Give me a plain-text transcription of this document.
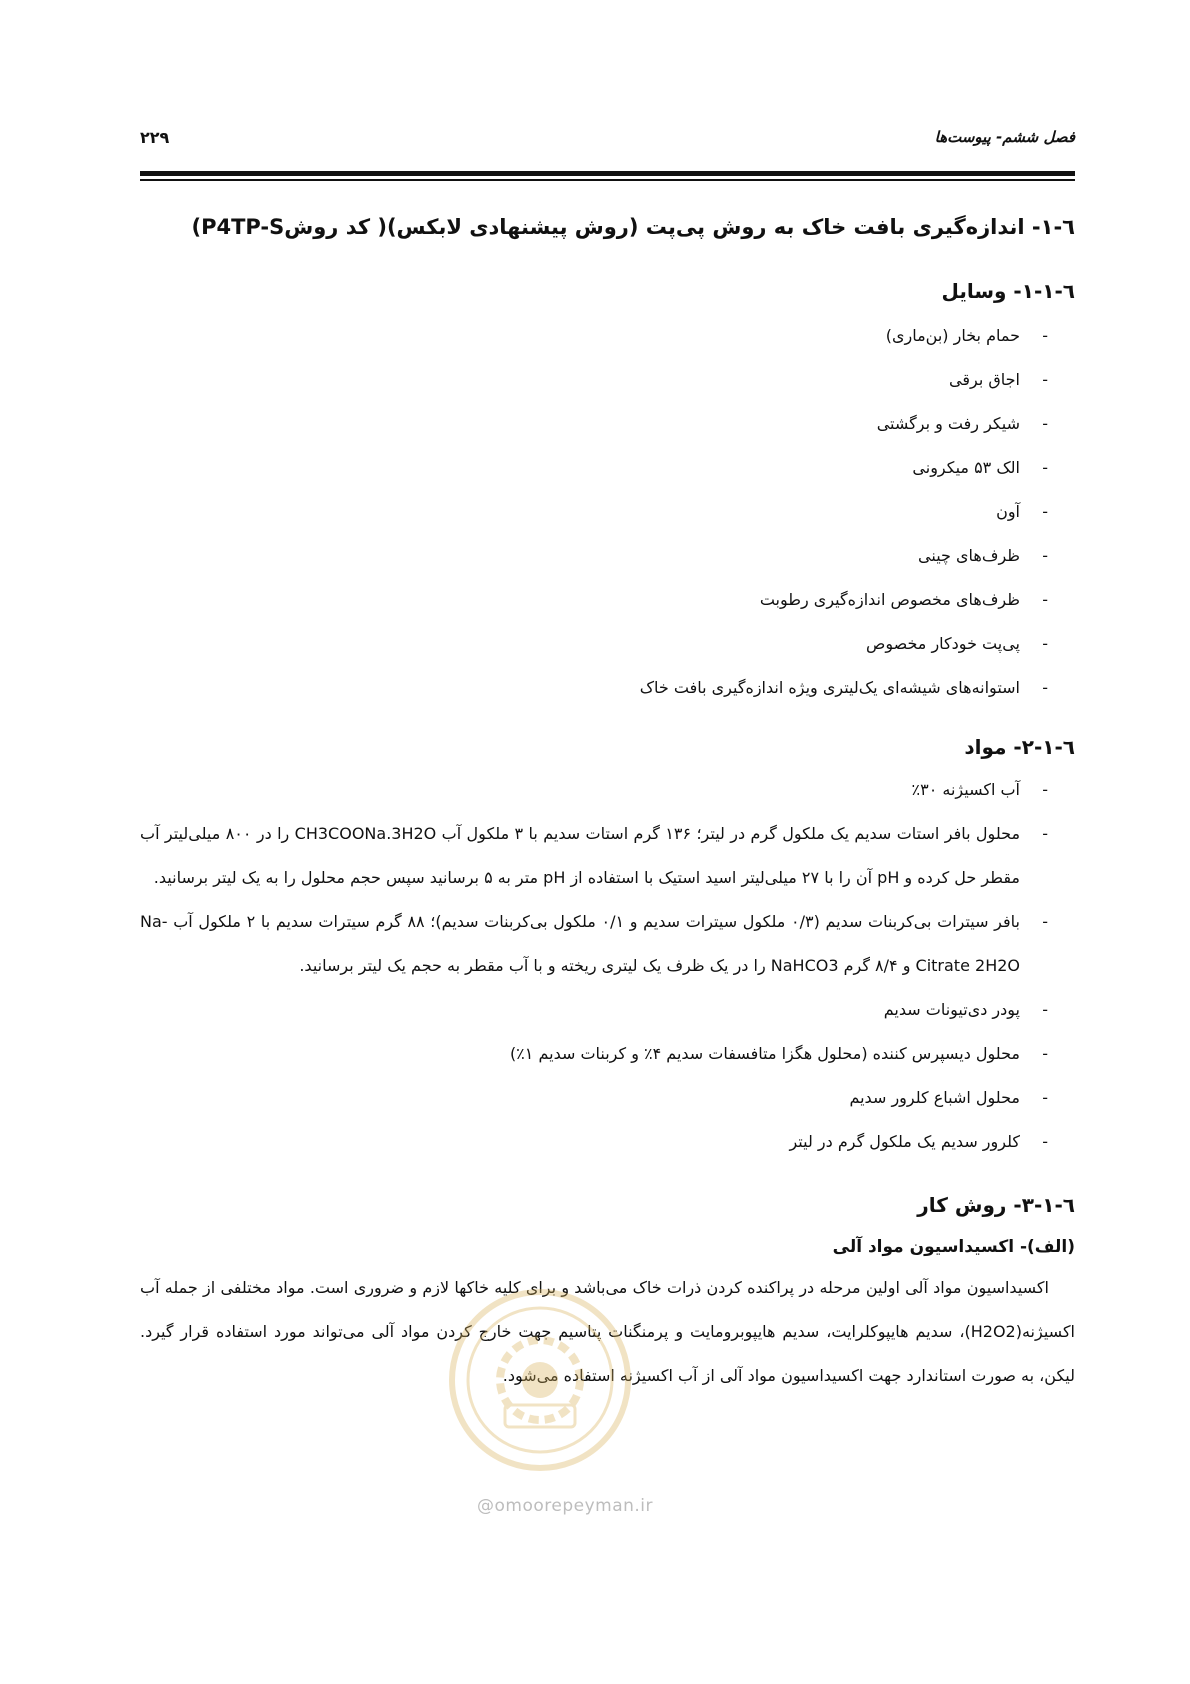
فصل ششم- پیوست‌ها
۲۲۹
٦-١- اندازه‌گیری بافت خاک به روش پی‌پت (روش پیشنهادی لابکس)( کد روشP4TP-S)
٦-١-١- وسایل
-
حمام بخار (بن‌ماری)
-
اجاق برقی
-
شیکر رفت و برگشتی
-
الک ۵۳ میکرونی
-
آون
-
ظرف‌های چینی
-
ظرف‌های مخصوص اندازه‌گیری رطوبت
-
پی‌پت خودکار مخصوص
-
استوانه‌های شیشه‌ای یک‌لیتری ویژه اندازه‌گیری بافت خاک
٦-١-٢- مواد
-
آب اکسیژنه ۳۰٪
-
محلول بافر استات سدیم یک ملکول گرم در لیتر؛ ۱۳۶ گرم استات سدیم با ۳ ملکول آب CH3COONa.3H2O را در ۸۰۰ میلی‌لیتر آب مقطر حل کرده و pH آن را با ۲۷ میلی‌لیتر اسید استیک با استفاده از pH متر به ۵ برسانید سپس حجم محلول را به یک لیتر برسانید.
-
بافر سیترات بی‌کربنات سدیم (۰/۳ ملکول سیترات سدیم و ۰/۱ ملکول بی‌کربنات سدیم)؛ ۸۸ گرم سیترات سدیم با ۲ ملکول آب Na-Citrate 2H2O و ۸/۴ گرم NaHCO3 را در یک ظرف یک لیتری ریخته و با آب مقطر به حجم یک لیتر برسانید.
-
پودر دی‌تیونات سدیم
-
محلول دیسپرس کننده (محلول هگزا متافسفات سدیم ۴٪ و کربنات سدیم ۱٪)
-
محلول اشباع کلرور سدیم
-
کلرور سدیم یک ملکول گرم در لیتر
٦-١-٣- روش کار
(الف)- اکسیداسیون مواد آلی

اکسیداسیون مواد آلی اولین مرحله در پراکنده کردن ذرات خاک می‌باشد و برای کلیه خاکها لازم و ضروری است. مواد مختلفی از جمله آب اکسیژنه(H2O2)، سدیم هایپوکلرایت، سدیم هایپوبرومایت و پرمنگنات پتاسیم جهت خارج کردن مواد آلی می‌تواند مورد استفاده قرار گیرد. لیکن، به صورت استاندارد جهت اکسیداسیون مواد آلی از آب اکسیژنه استفاده می‌شود.

@omoorepeyman.ir
